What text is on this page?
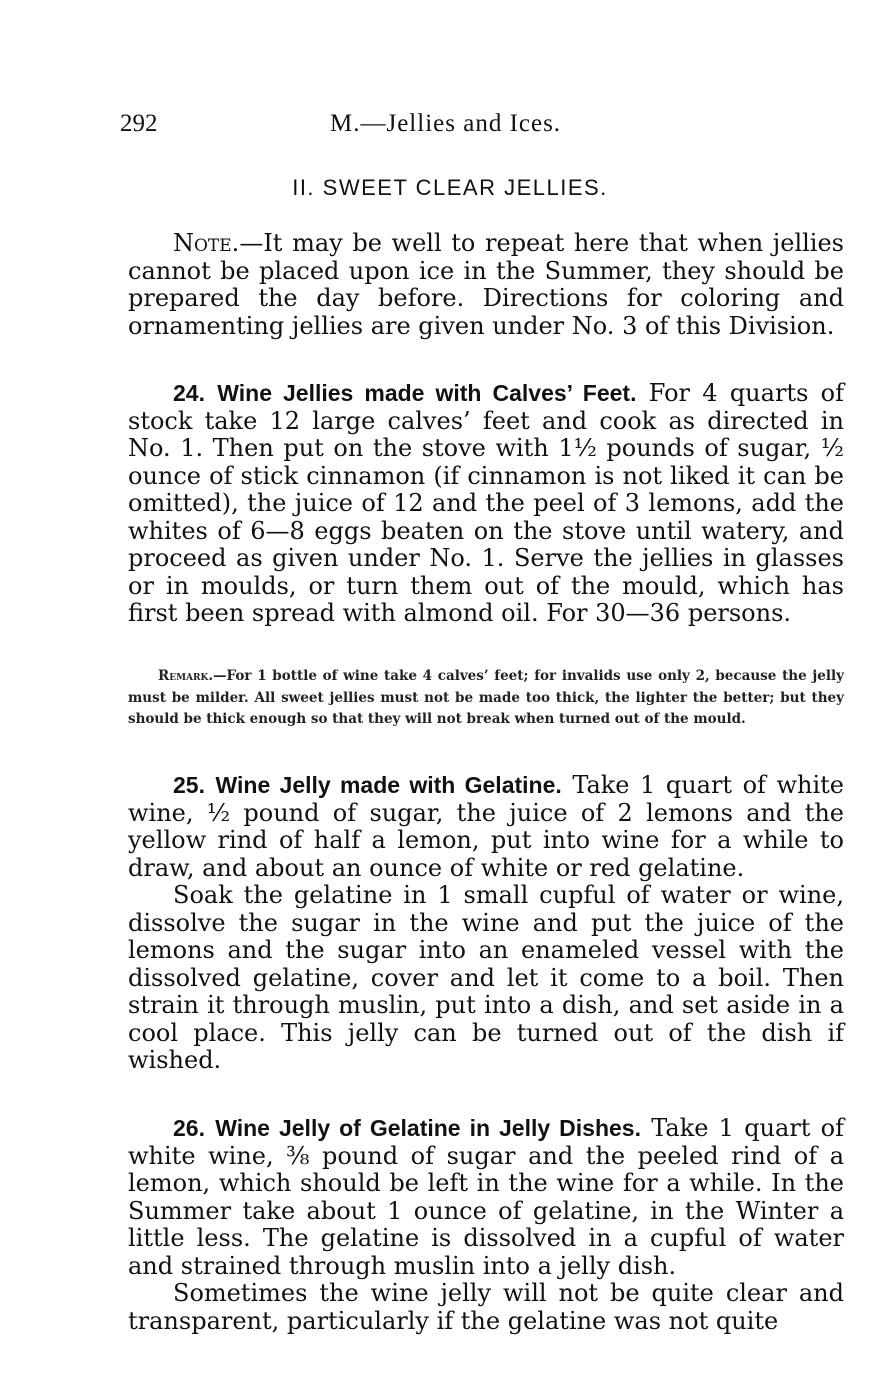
292	M.—Jellies and Ices.
II. SWEET CLEAR JELLIES.

Note.—It may be well to repeat here that when jellies cannot be placed upon ice in the Summer, they should be prepared the day before. Directions for coloring and ornamenting jellies are given under No. 3 of this Division.

24. Wine Jellies made with Calves’ Feet. For 4 quarts of stock take 12 large calves’ feet and cook as directed in No. 1. Then put on the stove with 1½ pounds of sugar, ½ ounce of stick cinnamon (if cinnamon is not liked it can be omitted), the juice of 12 and the peel of 3 lemons, add the whites of 6—8 eggs beaten on the stove until watery, and proceed as given under No. 1. Serve the jellies in glasses or in moulds, or turn them out of the mould, which has first been spread with almond oil. For 30—36 persons.

Remark.—For 1 bottle of wine take 4 calves’ feet; for invalids use only 2, because the jelly must be milder. All sweet jellies must not be made too thick, the lighter the better; but they should be thick enough so that they will not break when turned out of the mould.

25. Wine Jelly made with Gelatine. Take 1 quart of white wine, ½ pound of sugar, the juice of 2 lemons and the yellow rind of half a lemon, put into wine for a while to draw, and about an ounce of white or red gelatine.

Soak the gelatine in 1 small cupful of water or wine, dissolve the sugar in the wine and put the juice of the lemons and the sugar into an enameled vessel with the dissolved gelatine, cover and let it come to a boil. Then strain it through muslin, put into a dish, and set aside in a cool place. This jelly can be turned out of the dish if wished.

26. Wine Jelly of Gelatine in Jelly Dishes. Take 1 quart of white wine, ⅜ pound of sugar and the peeled rind of a lemon, which should be left in the wine for a while. In the Summer take about 1 ounce of gelatine, in the Winter a little less. The gelatine is dissolved in a cupful of water and strained through muslin into a jelly dish.

Sometimes the wine jelly will not be quite clear and transparent, particularly if the gelatine was not quite
